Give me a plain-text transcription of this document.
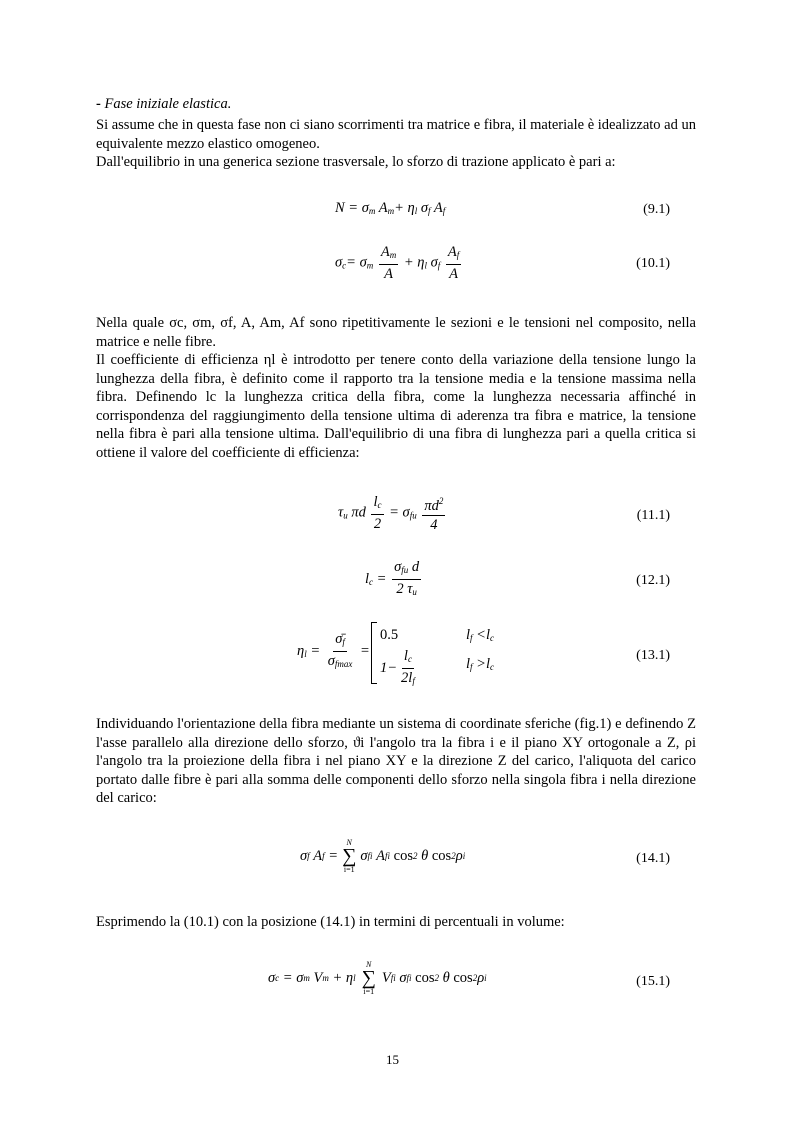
- Fase iniziale elastica.

Si assume che in questa fase non ci siano scorrimenti tra matrice e fibra, il materiale è idealizzato ad un equivalente mezzo elastico omogeneo.

Dall'equilibrio in una generica sezione trasversale, lo sforzo di trazione applicato è pari a:

$N = \sigma_m$ $A_m+ \eta_l$ $\sigma_f$ $A_f$	(9.1)
$\sigma_c= \sigma_m \frac{A_m}{A} + \eta_l$ $\sigma_f \frac{A_f}{A}$	(10.1)

Nella quale σc, σm, σf, A, Am, Af sono ripetitivamente le sezioni e le tensioni nel composito, nella matrice e nelle fibre.

Il coefficiente di efficienza ηl è introdotto per tenere conto della variazione della tensione lungo la lunghezza della fibra, è definito come il rapporto tra la tensione media e la tensione massima nella fibra. Definendo lc la lunghezza critica della fibra, come la lunghezza necessaria affinché in corrispondenza del raggiungimento della tensione ultima di aderenza tra fibra e matrice, la tensione nella fibra è pari alla tensione ultima. Dall'equilibrio di una fibra di lunghezza pari a quella critica si ottiene il valore del coefficiente di efficienza:

$\tau_u$ πd $\frac{l_c}{2} = \sigma_{fu} \frac{\pi d^2}{4}$	(11.1)
$l_c = \frac{\sigma_{fu} d}{2 \tau_u}$	(12.1)
$\eta_l = \frac{\sigmā_f}{\sigma_{fmax}}$ =
0.5	$l_f <l_c$
$1- \frac{l_c}{2l_f}$	$l_f >l_c$
(13.1)

Individuando l'orientazione della fibra mediante un sistema di coordinate sferiche (fig.1) e definendo Z l'asse parallelo alla direzione dello sforzo, ϑi l'angolo tra la fibra i e il piano XY ortogonale a Z, ρi l'angolo tra la proiezione della fibra i nel piano XY e la direzione Z del carico, l'aliquota del carico portato dalle fibre è pari alla somma delle componenti dello sforzo nella singola fibra i nella direzione del carico:

σ f A f =
N
∑
i=1
σ fi A fi
cos 2 θ cos 2 ρ i	(14.1)

Esprimendo la (10.1) con la posizione (14.1) in termini di percentuali in volume:

σ c = σ m V m + η l
N
∑
i=1
V fi σ fi
cos 2 θ cos 2 ρ i	(15.1)
15
